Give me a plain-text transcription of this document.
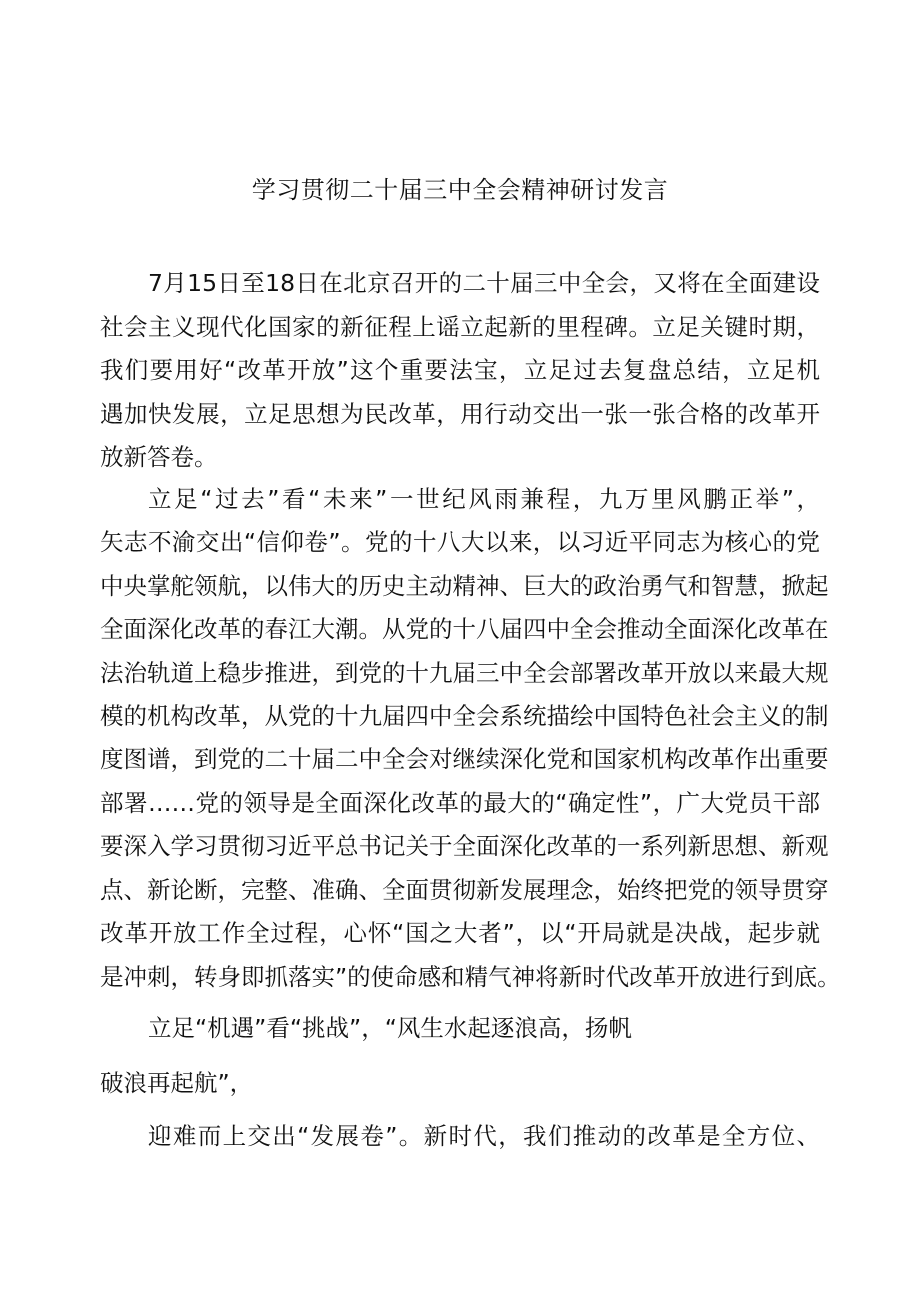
学习贯彻二十届三中全会精神研讨发言
7月15日至18日在北京召开的二十届三中全会，又将在全面建设
社会主义现代化国家的新征程上谣立起新的里程碑。立足关键时期，
我们要用好“改革开放”这个重要法宝，立足过去复盘总结，立足机
遇加快发展，立足思想为民改革，用行动交出一张一张合格的改革开
放新答卷。
立足“过去”看“未来”一世纪风雨兼程，九万里风鹏正举”，
矢志不渝交出“信仰卷”。党的十八大以来，以习近平同志为核心的党
中央掌舵领航，以伟大的历史主动精神、巨大的政治勇气和智慧，掀起
全面深化改革的春江大潮。从党的十八届四中全会推动全面深化改革在
法治轨道上稳步推进，到党的十九届三中全会部署改革开放以来最大规
模的机构改革，从党的十九届四中全会系统描绘中国特色社会主义的制
度图谱，到党的二十届二中全会对继续深化党和国家机构改革作出重要
部署……党的领导是全面深化改革的最大的“确定性”，广大党员干部
要深入学习贯彻习近平总书记关于全面深化改革的一系列新思想、新观
点、新论断，完整、准确、全面贯彻新发展理念，始终把党的领导贯穿
改革开放工作全过程，心怀“国之大者”，以“开局就是决战，起步就
是冲刺，转身即抓落实”的使命感和精气神将新时代改革开放进行到底。
立足“机遇”看“挑战”，“风生水起逐浪高，扬帆
破浪再起航”，
迎难而上交出“发展卷”。新时代，我们推动的改革是全方位、
